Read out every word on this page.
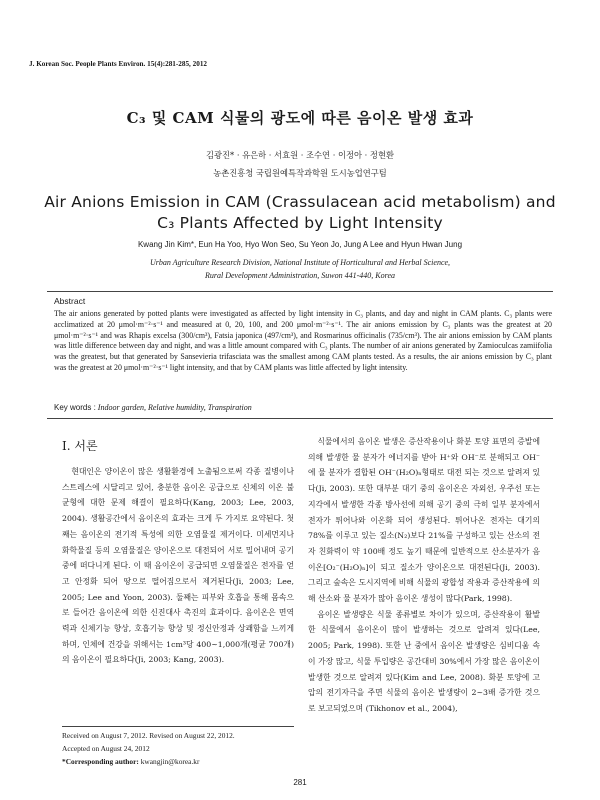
J. Korean Soc. People Plants Environ. 15(4):281-285, 2012
C₃ 및 CAM 식물의 광도에 따른 음이온 발생 효과
김광진* · 유은하 · 서효원 · 조수연 · 이정아 · 정현환
농촌진흥청 국립원예특작과학원 도시농업연구팀
Air Anions Emission in CAM (Crassulacean acid metabolism) and
C₃ Plants Affected by Light Intensity
Kwang Jin Kim*, Eun Ha Yoo, Hyo Won Seo, Su Yeon Jo, Jung A Lee and Hyun Hwan Jung
Urban Agriculture Research Division, National Institute of Horticultural and Herbal Science,
Rural Development Administration, Suwon 441-440, Korea
Abstract

The air anions generated by potted plants were investigated as affected by light intensity in C₃ plants, and day and night in CAM plants. C₃ plants were acclimatized at 20 μmol·m⁻²·s⁻¹ and measured at 0, 20, 100, and 200 μmol·m⁻²·s⁻¹. The air anions emission by C₃ plants was the greatest at 20 μmol·m⁻²·s⁻¹ and was Rhapis excelsa (300/cm³), Fatsia japonica (497/cm³), and Rosmarinus officinalis (735/cm³). The air anions emission by CAM plants was little difference between day and night, and was a little amount compared with C₃ plants. The number of air anions generated by Zamioculcas zamiifolia was the greatest, but that generated by Sansevieria trifasciata was the smallest among CAM plants tested. As a results, the air anions emission by C₃ plant was the greatest at 20 μmol·m⁻²·s⁻¹ light intensity, and that by CAM plants was little affected by light intensity.

Key words : Indoor garden, Relative humidity, Transpiration
I. 서론

현대인은 양이온이 많은 생활환경에 노출됨으로써 각종 질병이나 스트레스에 시달리고 있어, 충분한 음이온 공급으로 신체의 이온 불균형에 대한 문제 해결이 필요하다(Kang, 2003; Lee, 2003, 2004). 생활공간에서 음이온의 효과는 크게 두 가지로 요약된다. 첫째는 음이온의 전기적 특성에 의한 오염물질 제거이다. 미세먼지나 화학물질 등의 오염물질은 양이온으로 대전되어 서로 밀어내며 공기 중에 떠다니게 된다. 이 때 음이온이 공급되면 오염물질은 전자를 얻고 안정화 되어 땅으로 떨어짐으로서 제거된다(Ji, 2003; Lee, 2005; Lee and Yoon, 2003). 둘째는 피부와 호흡을 통해 몸속으로 들어간 음이온에 의한 신진대사 촉진의 효과이다. 음이온은 면역력과 신체기능 향상, 호흡기능 향상 및 정신안정과 상쾌함을 느끼게 하며, 인체에 건강을 위해서는 1cm³당 400~1,000개(평균 700개)의 음이온이 필요하다(Ji, 2003; Kang, 2003).

식물에서의 음이온 발생은 증산작용이나 화분 토양 표면의 증발에 의해 발생한 물 분자가 에너지를 받아 H⁺와 OH⁻로 분해되고 OH⁻에 물 분자가 결합된 OH⁻(H₂O)ₙ형태로 대전 되는 것으로 알려져 있다(Ji, 2003). 또한 대부분 대기 중의 음이온은 자외선, 우주선 또는 지각에서 발생한 각종 방사선에 의해 공기 중의 극히 일부 분자에서 전자가 튀어나와 이온화 되어 생성된다. 튀어나온 전자는 대기의 78%를 이루고 있는 질소(N₂)보다 21%를 구성하고 있는 산소의 전자 친화력이 약 100배 정도 높기 때문에 일반적으로 산소분자가 음이온[O₂⁻(H₂O)ₙ]이 되고 질소가 양이온으로 대전된다(Ji, 2003). 그리고 숲속은 도시지역에 비해 식물의 광합성 작용과 증산작용에 의해 산소와 물 분자가 많아 음이온 생성이 많다(Park, 1998).

음이온 발생량은 식물 종류별로 차이가 있으며, 증산작용이 활발한 식물에서 음이온이 많이 발생하는 것으로 알려져 있다(Lee, 2005; Park, 1998). 또한 난 중에서 음이온 발생량은 심비디움 속이 가장 많고, 식물 투입량은 공간대비 30%에서 가장 많은 음이온이 발생한 것으로 알려져 있다(Kim and Lee, 2008). 화분 토양에 고압의 전기자극을 주면 식물의 음이온 발생량이 2~3배 증가한 것으로 보고되었으며 (Tikhonov et al., 2004),

Received on August 7, 2012. Revised on August 22, 2012.
Accepted on August 24, 2012
*Corresponding author: kwangjin@korea.kr
281
